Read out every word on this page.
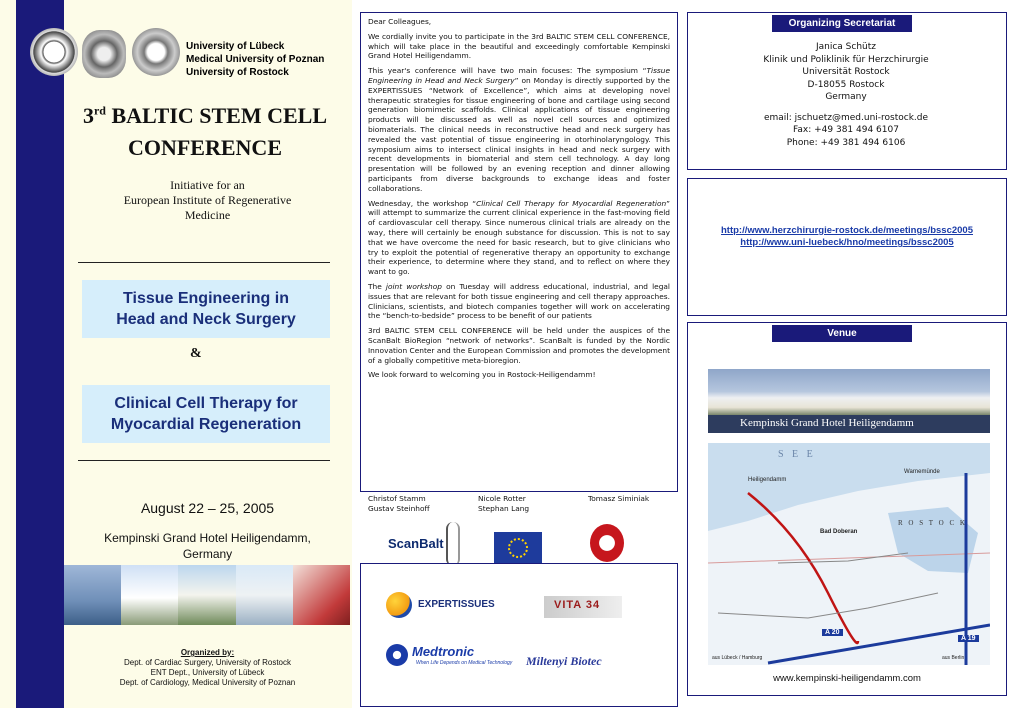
University of Lübeck
Medical University of Poznan
University of Rostock
3rd BALTIC STEM CELL
CONFERENCE
Initiative for an
European Institute of Regenerative
Medicine
Tissue Engineering in
Head and Neck Surgery
&
Clinical Cell Therapy for
Myocardial Regeneration
August 22 – 25, 2005
Kempinski Grand Hotel Heiligendamm,
Germany
Organized by:
Dept. of Cardiac Surgery, University of Rostock
ENT Dept., University of Lübeck
Dept. of Cardiology, Medical University of Poznan

Dear Colleagues,

We cordially invite you to participate in the 3rd BALTIC STEM CELL CONFERENCE, which will take place in the beautiful and exceedingly comfortable Kempinski Grand Hotel Heiligendamm.

This year's conference will have two main focuses: The symposium “Tissue Engineering in Head and Neck Surgery” on Monday is directly supported by the EXPERTISSUES “Network of Excellence”, which aims at developing novel therapeutic strategies for tissue engineering of bone and cartilage using second generation biomimetic scaffolds. Clinical applications of tissue engineering products will be discussed as well as novel cell sources and optimized biomaterials. The clinical needs in reconstructive head and neck surgery has revealed the vast potential of tissue engineering in otorhinolaryngology. This symposium aims to intersect clinical insights in head and neck surgery with recent developments in biomaterial and stem cell technology. A day long presentation will be followed by an evening reception and dinner allowing participants from diverse backgrounds to exchange ideas and foster collaborations.

Wednesday, the workshop “Clinical Cell Therapy for Myocardial Regeneration” will attempt to summarize the current clinical experience in the fast-moving field of cardiovascular cell therapy. Since numerous clinical trials are already on the way, there will certainly be enough substance for discussion. This is not to say that we have overcome the need for basic research, but to give clinicians who try to exploit the potential of regenerative therapy an opportunity to exchange their experience, to determine where they stand, and to reflect on where they want to go.

The joint workshop on Tuesday will address educational, industrial, and legal issues that are relevant for both tissue engineering and cell therapy approaches. Clinicians, scientists, and biotech companies together will work on accelerating the “bench-to-bedside” process to be benefit of our patients

3rd BALTIC STEM CELL CONFERENCE will be held under the auspices of the ScanBalt BioRegion “network of networks”. ScanBalt is funded by the Nordic Innovation Center and the European Commission and promotes the development of a globally competitive meta-bioregion.

We look forward to welcoming you in Rostock-Heiligendamm!

Christof Stamm
Gustav Steinhoff
Nicole Rotter
Stephan Lang
Tomasz Siminiak
ScanBalt
EXPERTISSUES	VITA 34
Medtronic
When Life Depends on Medical Technology Miltenyi Biotec
Organizing Secretariat
Janica Schütz
Klinik und Poliklinik für Herzchirurgie
Universität Rostock
D-18055 Rostock
Germany
email: jschuetz@med.uni-rostock.de
Fax: +49 381 494 6107
Phone: +49 381 494 6106
http://www.herzchirurgie-rostock.de/meetings/bssc2005
http://www.uni-luebeck/hno/meetings/bssc2005
Venue
Kempinski Grand Hotel Heiligendamm
S E E
Warnemünde
Heiligendamm
R O S T O C K
Bad Doberan
A 20
A 19
aus Lübeck / Hamburg	aus Berlin
www.kempinski-heiligendamm.com
